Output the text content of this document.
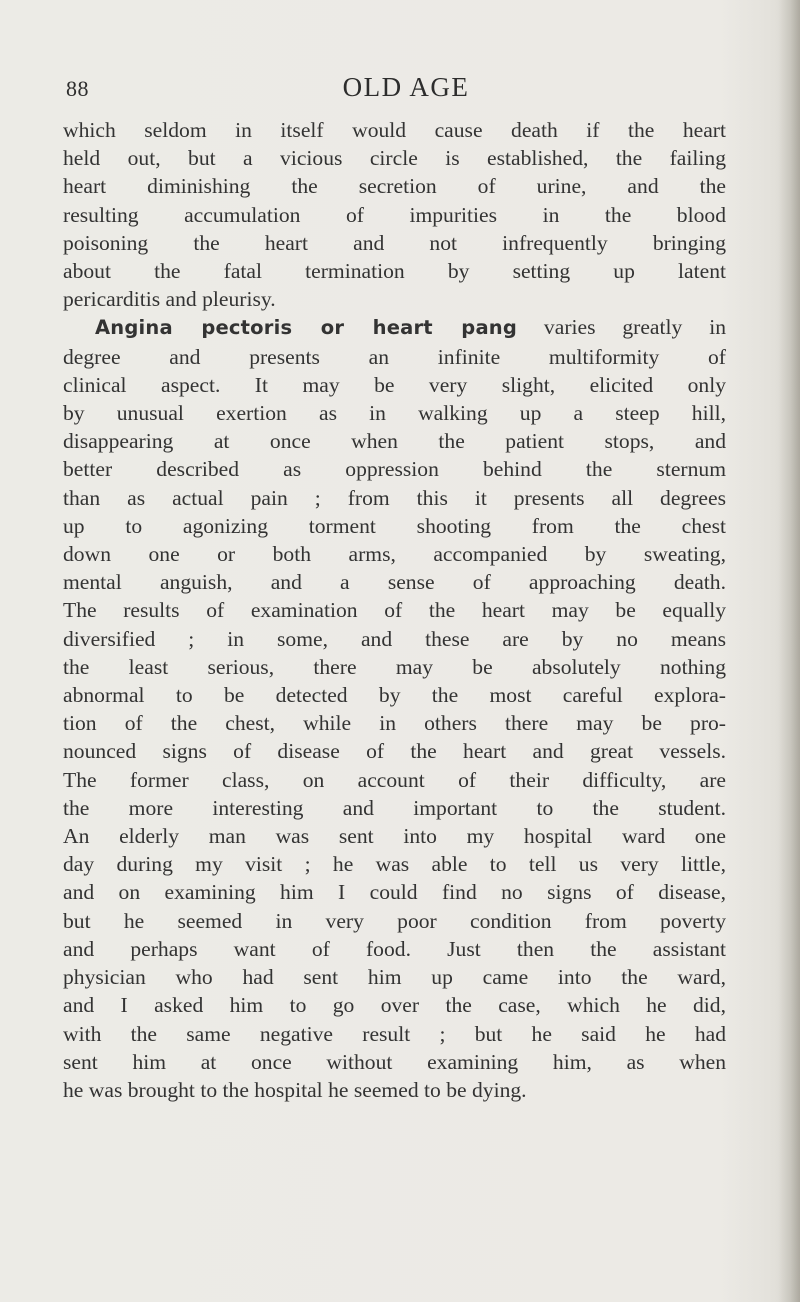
88	OLD AGE

which seldom in itself would cause death if the heart
held out, but a vicious circle is established, the failing
heart diminishing the secretion of urine, and the
resulting accumulation of impurities in the blood
poisoning the heart and not infrequently bringing
about the fatal termination by setting up latent
pericarditis and pleurisy.

Angina pectoris or heart pang varies greatly in
degree and presents an infinite multiformity of
clinical aspect. It may be very slight, elicited only
by unusual exertion as in walking up a steep hill,
disappearing at once when the patient stops, and
better described as oppression behind the sternum
than as actual pain ; from this it presents all degrees
up to agonizing torment shooting from the chest
down one or both arms, accompanied by sweating,
mental anguish, and a sense of approaching death.
The results of examination of the heart may be equally
diversified ; in some, and these are by no means
the least serious, there may be absolutely nothing
abnormal to be detected by the most careful explora-
tion of the chest, while in others there may be pro-
nounced signs of disease of the heart and great vessels.
The former class, on account of their difficulty, are
the more interesting and important to the student.
An elderly man was sent into my hospital ward one
day during my visit ; he was able to tell us very little,
and on examining him I could find no signs of disease,
but he seemed in very poor condition from poverty
and perhaps want of food. Just then the assistant
physician who had sent him up came into the ward,
and I asked him to go over the case, which he did,
with the same negative result ; but he said he had
sent him at once without examining him, as when
he was brought to the hospital he seemed to be dying.
